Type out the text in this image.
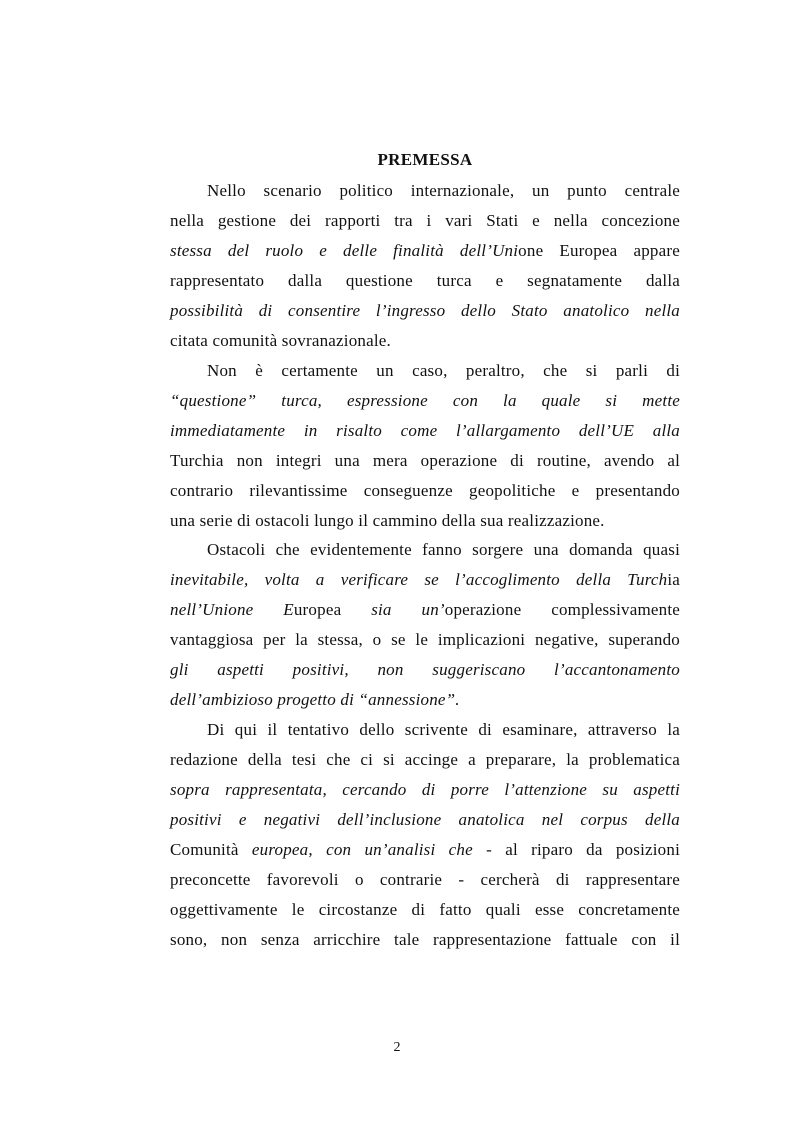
PREMESSA
Nello scenario politico internazionale, un punto centrale
nella gestione dei rapporti tra i vari Stati e nella concezione
stessa del ruolo e delle finalità dell’Unione Europea appare
rappresentato dalla questione turca e segnatamente dalla
possibilità di consentire l’ingresso dello Stato anatolico nella
citata comunità sovranazionale.
Non è certamente un caso, peraltro, che si parli di
“questione” turca, espressione con la quale si mette
immediatamente in risalto come l’allargamento dell’UE alla
Turchia non integri una mera operazione di routine, avendo al
contrario rilevantissime conseguenze geopolitiche e presentando
una serie di ostacoli lungo il cammino della sua realizzazione.
Ostacoli che evidentemente fanno sorgere una domanda quasi
inevitabile, volta a verificare se l’accoglimento della Turchia
nell’Unione Europea sia un’operazione complessivamente
vantaggiosa per la stessa, o se le implicazioni negative, superando
gli aspetti positivi, non suggeriscano l’accantonamento
dell’ambizioso progetto di “annessione”.
Di qui il tentativo dello scrivente di esaminare, attraverso la
redazione della tesi che ci si accinge a preparare, la problematica
sopra rappresentata, cercando di porre l’attenzione su aspetti
positivi e negativi dell’inclusione anatolica nel corpus della
Comunità europea, con un’analisi che - al riparo da posizioni
preconcette favorevoli o contrarie - cercherà di rappresentare
oggettivamente le circostanze di fatto quali esse concretamente
sono, non senza arricchire tale rappresentazione fattuale con il
2
